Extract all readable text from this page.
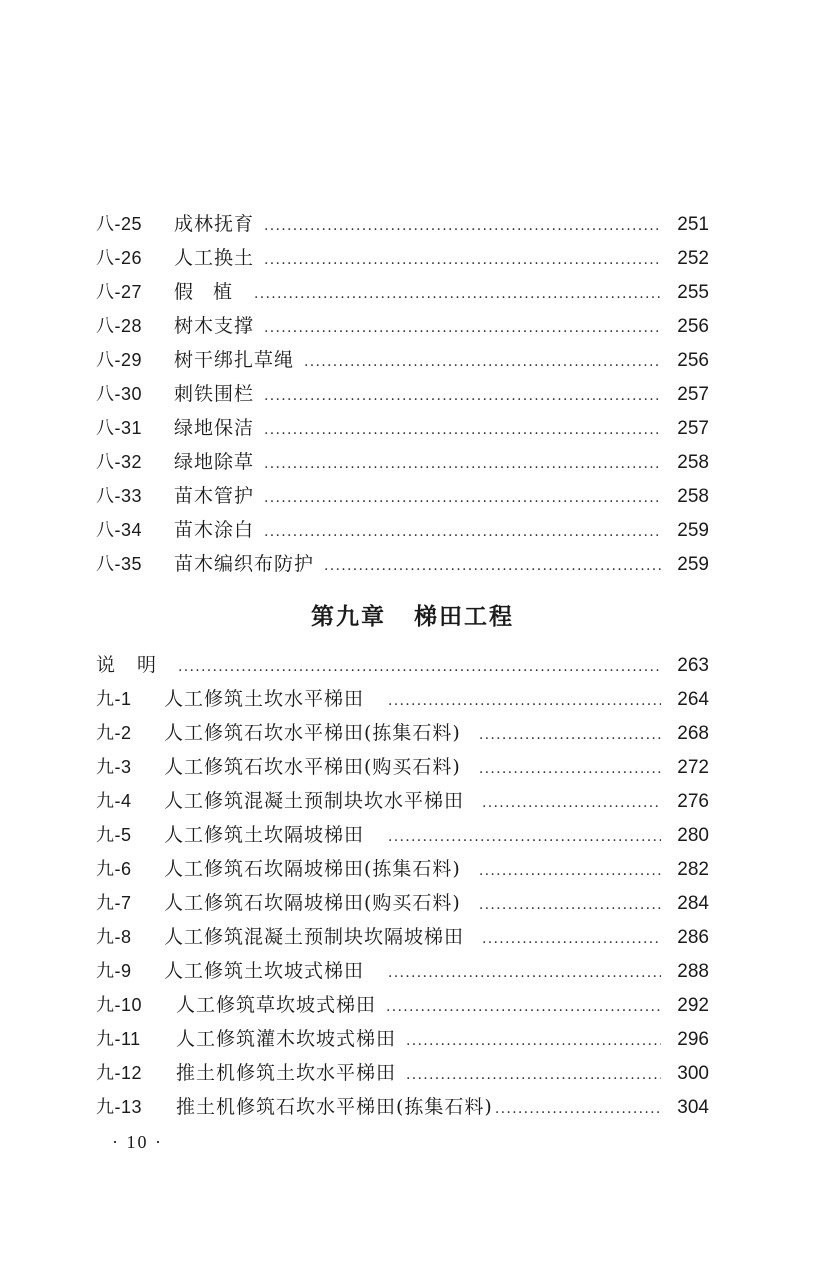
八-25	成林抚育 .....	251
八-26	人工换土 .....	252
八-27	假植 .....	255
八-28	树木支撑 .....	256
八-29	树干绑扎草绳 .....	256
八-30	刺铁围栏 .....	257
八-31	绿地保洁 .....	257
八-32	绿地除草 .....	258
八-33	苗木管护 .....	258
八-34	苗木涂白 .....	259
八-35	苗木编织布防护 .....	259
第九章 梯田工程
说明 .....	263
九-1	人工修筑土坎水平梯田 .....	264
九-2	人工修筑石坎水平梯田(拣集石料) .....	268
九-3	人工修筑石坎水平梯田(购买石料) .....	272
九-4	人工修筑混凝土预制块坎水平梯田 .....	276
九-5	人工修筑土坎隔坡梯田 .....	280
九-6	人工修筑石坎隔坡梯田(拣集石料) .....	282
九-7	人工修筑石坎隔坡梯田(购买石料) .....	284
九-8	人工修筑混凝土预制块坎隔坡梯田 .....	286
九-9	人工修筑土坎坡式梯田 .....	288
九-10	人工修筑草坎坡式梯田 .....	292
九-11	人工修筑灌木坎坡式梯田 .....	296
九-12	推土机修筑土坎水平梯田 .....	300
九-13	推土机修筑石坎水平梯田(拣集石料) .....	304
· 10 ·
